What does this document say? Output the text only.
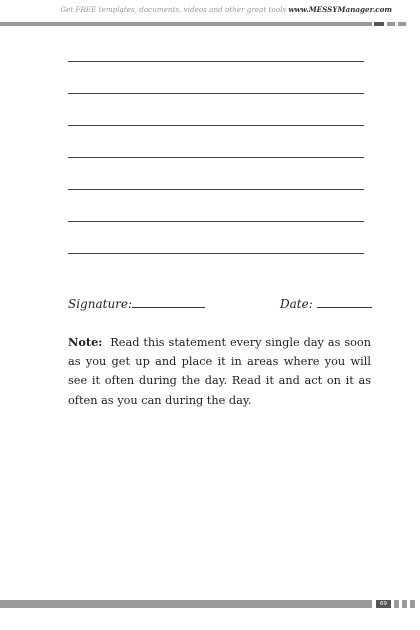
Get FREE templates, documents, videos and other great tools www.MESSYManager.com
Signature:	Date:
Note: Read this statement every single day as soon as you get up and place it in areas where you will see it often during the day. Read it and act on it as often as you can during the day.
69
